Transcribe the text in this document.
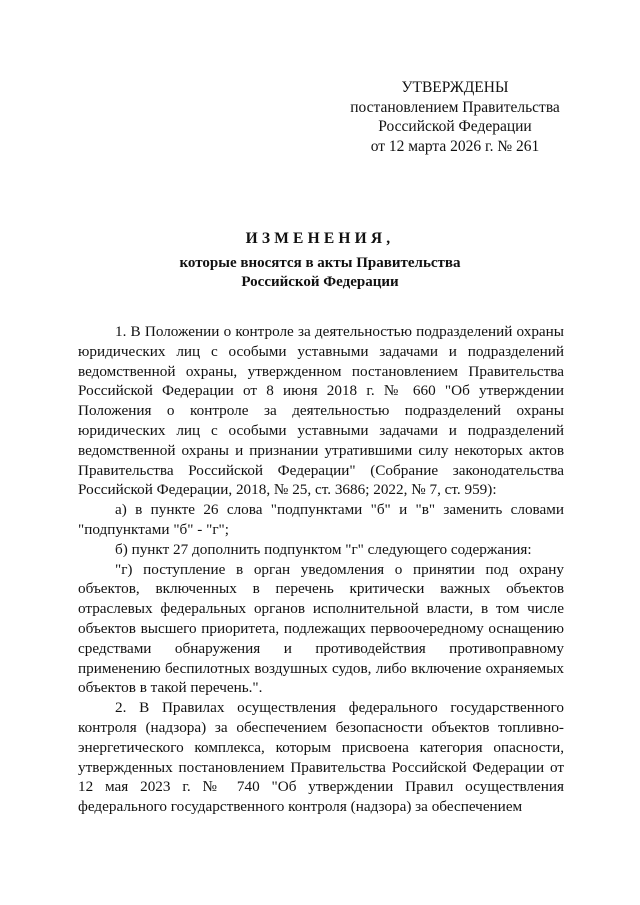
УТВЕРЖДЕНЫ
постановлением Правительства
Российской Федерации
от 12 марта 2026 г. № 261
ИЗМЕНЕНИЯ,
которые вносятся в акты Правительства
Российской Федерации

1. В Положении о контроле за деятельностью подразделений охраны юридических лиц с особыми уставными задачами и подразделений ведомственной охраны, утвержденном постановлением Правительства Российской Федерации от 8 июня 2018 г. № 660 "Об утверждении Положения о контроле за деятельностью подразделений охраны юридических лиц с особыми уставными задачами и подразделений ведомственной охраны и признании утратившими силу некоторых актов Правительства Российской Федерации" (Собрание законодательства Российской Федерации, 2018, № 25, ст. 3686; 2022, № 7, ст. 959):

а) в пункте 26 слова "подпунктами "б" и "в" заменить словами "подпунктами "б" - "г";

б) пункт 27 дополнить подпунктом "г" следующего содержания:

"г) поступление в орган уведомления о принятии под охрану объектов, включенных в перечень критически важных объектов отраслевых федеральных органов исполнительной власти, в том числе объектов высшего приоритета, подлежащих первоочередному оснащению средствами обнаружения и противодействия противоправному применению беспилотных воздушных судов, либо включение охраняемых объектов в такой перечень.".

2. В Правилах осуществления федерального государственного контроля (надзора) за обеспечением безопасности объектов топливно-энергетического комплекса, которым присвоена категория опасности, утвержденных постановлением Правительства Российской Федерации от 12 мая 2023 г. № 740 "Об утверждении Правил осуществления федерального государственного контроля (надзора) за обеспечением
